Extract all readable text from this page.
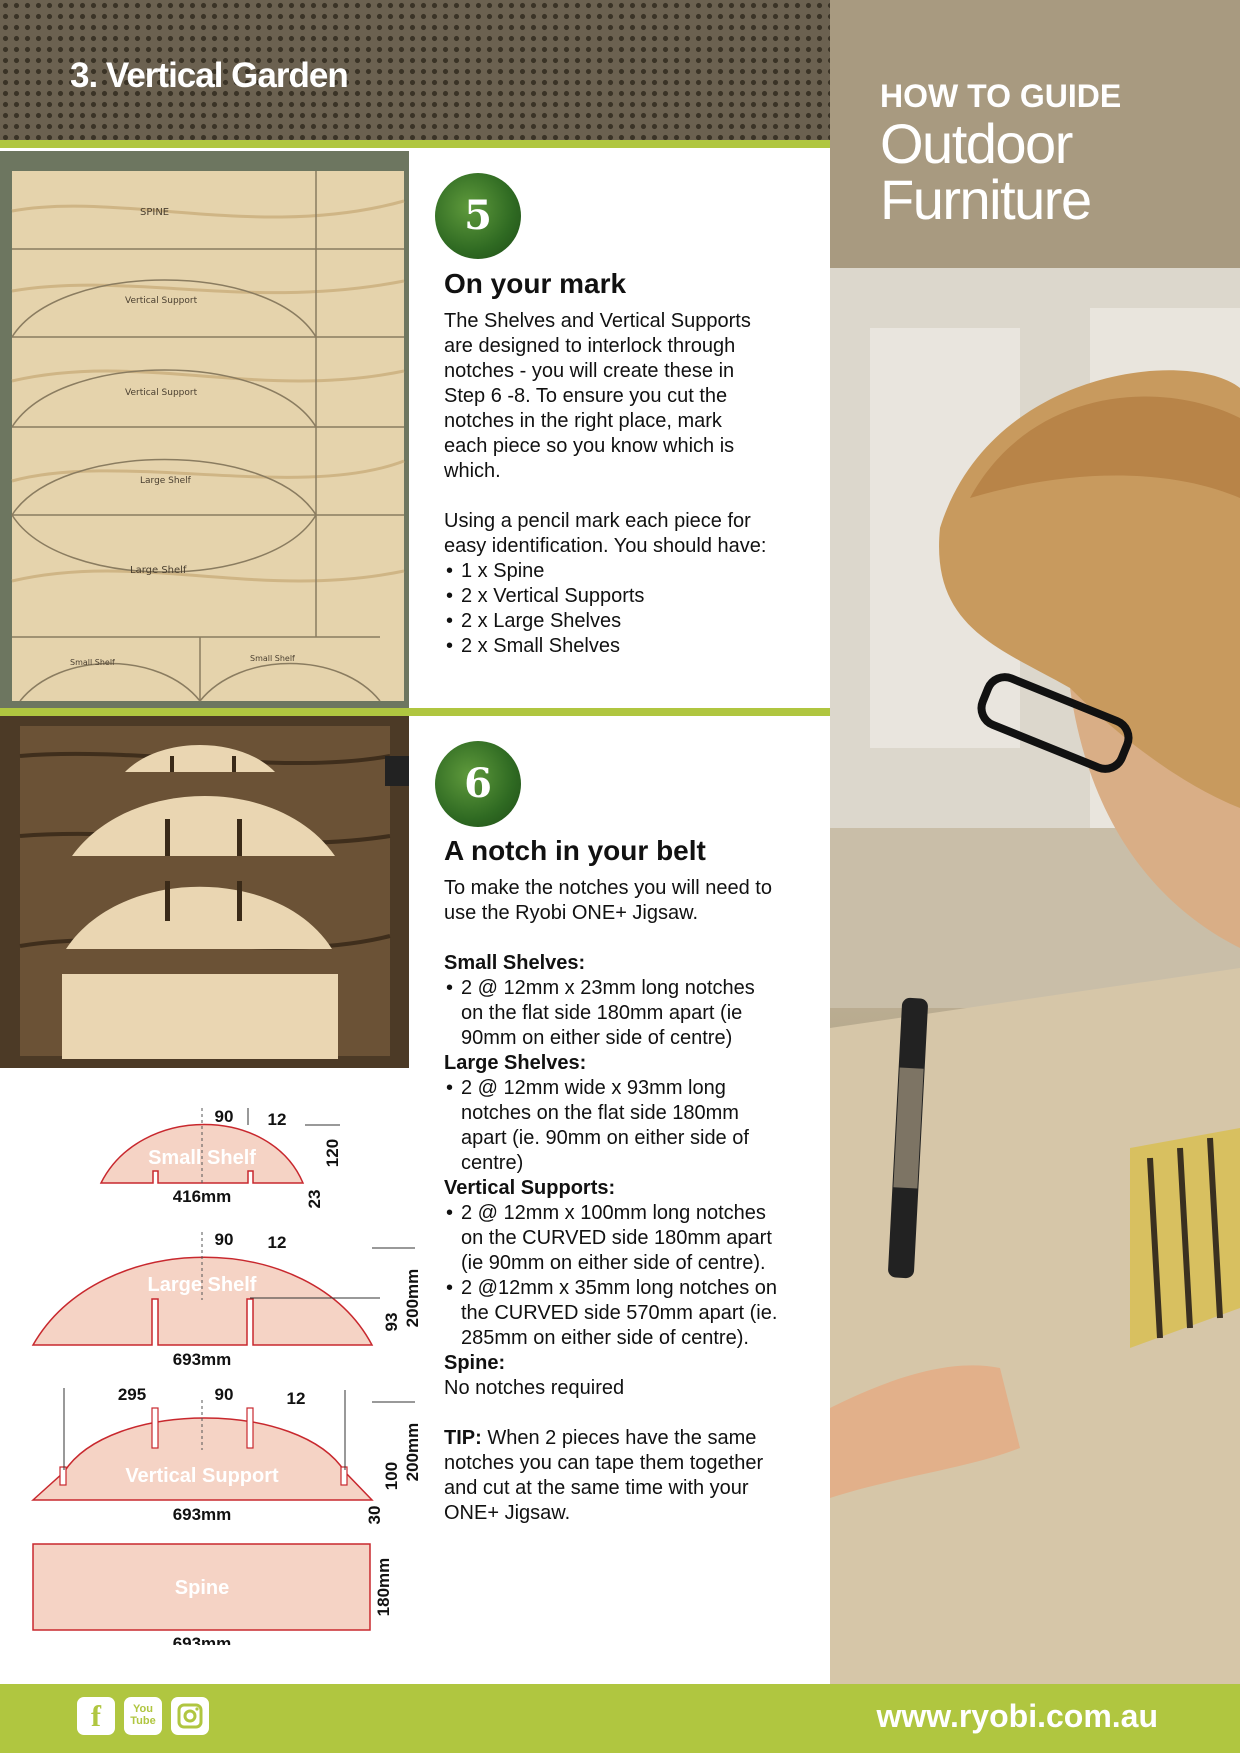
3. Vertical Garden
HOW TO GUIDE
Outdoor
Furniture
SPINE
Vertical Support
Vertical Support
Large Shelf
Large Shelf
Small Shelf	Small Shelf
5
On your mark

The Shelves and Vertical Supports
are designed to interlock through
notches - you will create these in
Step 6 -8. To ensure you cut the
notches in the right place, mark
each piece so you know which is
which.

Using a pencil mark each piece for
easy identification. You should have:

• 1 x Spine
• 2 x Vertical Supports
• 2 x Large Shelves
• 2 x Small Shelves
6
A notch in your belt

To make the notches you will need to
use the Ryobi ONE+ Jigsaw.

Small Shelves:

• 2 @ 12mm x 23mm long notches
on the flat side 180mm apart (ie
90mm on either side of centre)

Large Shelves:

• 2 @ 12mm wide x 93mm long
notches on the flat side 180mm
apart (ie. 90mm on either side of
centre)

Vertical Supports:

• 2 @ 12mm x 100mm long notches
on the CURVED side 180mm apart
(ie 90mm on either side of centre).
• 2 @12mm x 35mm long notches on
the CURVED side 570mm apart (ie.
285mm on either side of centre).

Spine:

No notches required

TIP: When 2 pieces have the same
notches you can tape them together
and cut at the same time with your
ONE+ Jigsaw.

Small Shelf
416mm
90 12
120
23
Large Shelf
693mm
90 12
200mm
93
Vertical Support
693mm
295	90	12
200mm
100
30
Spine
693mm
180mm
f	You Tube	www.ryobi.com.au
